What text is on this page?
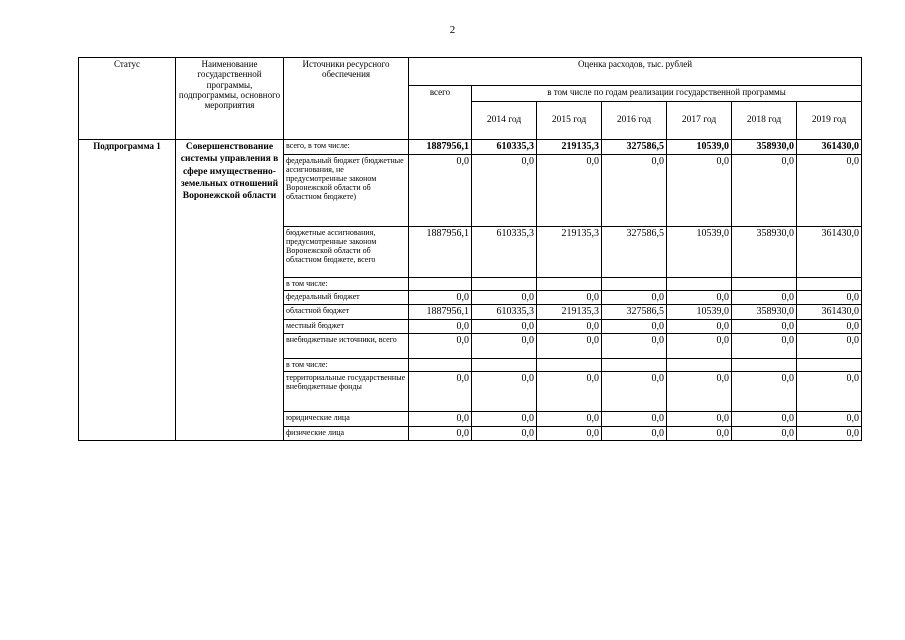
2
Статус	Наименование государственной программы, подпрограммы, основного мероприятия	Источники ресурсного обеспечения	Оценка расходов, тыс. рублей						
			всего	в том числе по годам реализации государственной программы					
				2014 год	2015 год	2016 год	2017 год	2018 год	2019 год
Подпрограмма 1	Совершенствование системы управления в сфере имущественно-земельных отношений Воронежской области	всего, в том числе:	1887956,1	610335,3	219135,3	327586,5	10539,0	358930,0	361430,0
		федеральный бюджет (бюджетные ассигнования, не предусмотренные законом Воронежской области об областном бюджете)	0,0	0,0	0,0	0,0	0,0	0,0	0,0
		бюджетные ассигнования, предусмотренные законом Воронежской области об областном бюджете, всего	1887956,1	610335,3	219135,3	327586,5	10539,0	358930,0	361430,0
		в том числе:							
		федеральный бюджет	0,0	0,0	0,0	0,0	0,0	0,0	0,0
		областной бюджет	1887956,1	610335,3	219135,3	327586,5	10539,0	358930,0	361430,0
		местный бюджет	0,0	0,0	0,0	0,0	0,0	0,0	0,0
		внебюджетные источники, всего	0,0	0,0	0,0	0,0	0,0	0,0	0,0
		в том числе:							
		территориальные государственные внебюджетные фонды	0,0	0,0	0,0	0,0	0,0	0,0	0,0
		юридические лица	0,0	0,0	0,0	0,0	0,0	0,0	0,0
		физические лица	0,0	0,0	0,0	0,0	0,0	0,0	0,0
